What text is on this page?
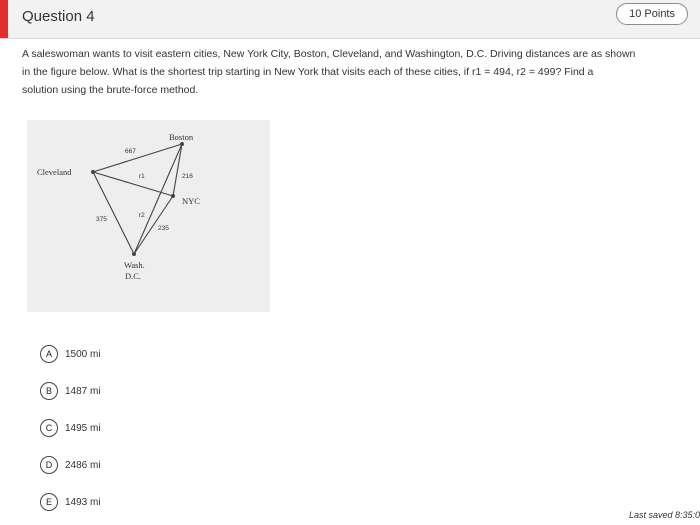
Question 4	10 Points
A saleswoman wants to visit eastern cities, New York City, Boston, Cleveland, and Washington, D.C. Driving distances are as shown
in the figure below. What is the shortest trip starting in New York that visits each of these cities, if r1 = 494, r2 = 499? Find a
solution using the brute-force method.
Boston
Cleveland
NYC
Wash.
D.C.
667
r1	216
375
r2
235
A	1500 mi
B	1487 mi
C	1495 mi
D	2486 mi
E	1493 mi
Last saved 8:35:0
